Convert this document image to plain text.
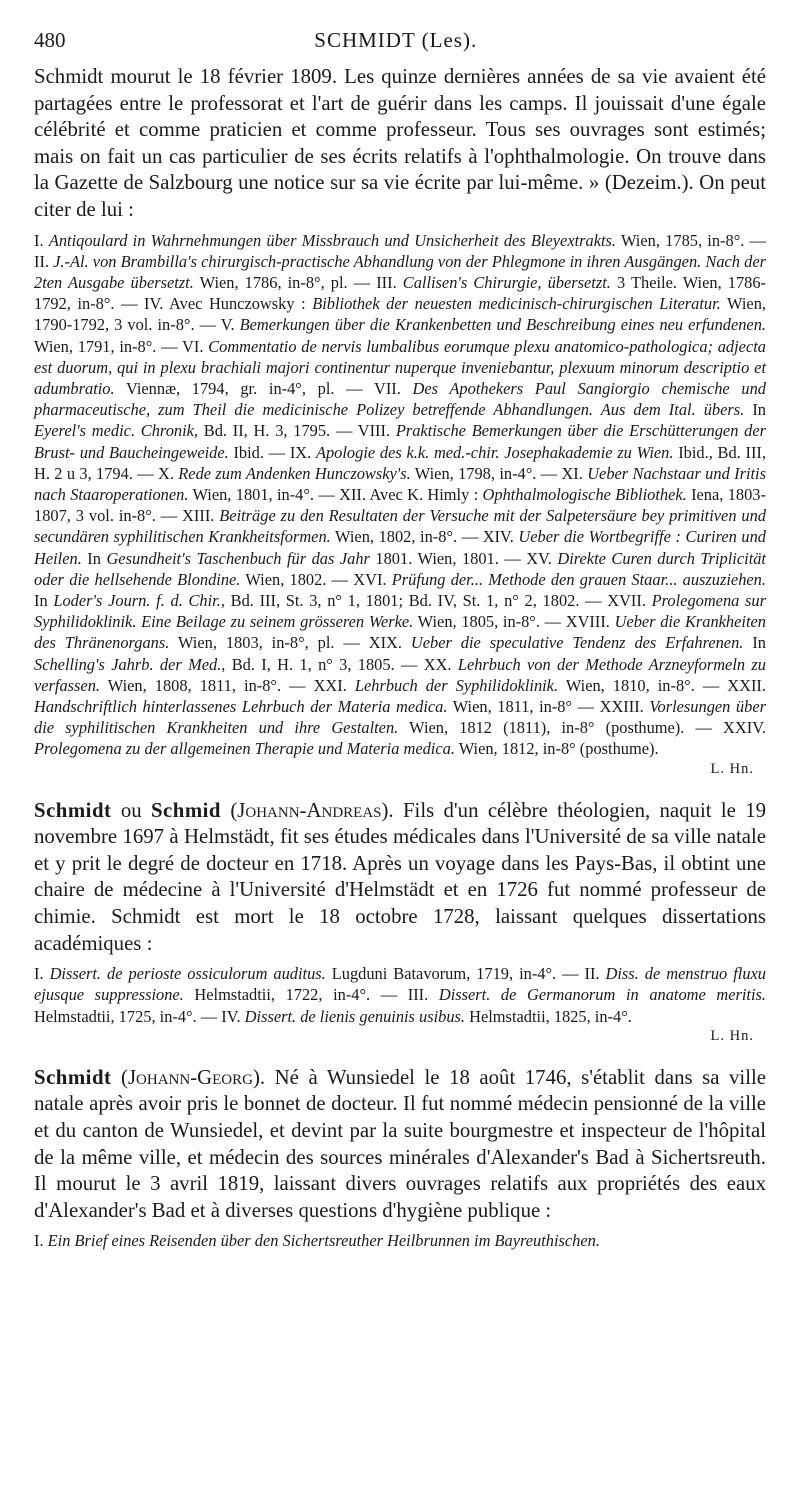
480	SCHMIDT (Les).

Schmidt mourut le 18 février 1809. Les quinze dernières années de sa vie avaient été partagées entre le professorat et l'art de guérir dans les camps. Il jouissait d'une égale célébrité et comme praticien et comme professeur. Tous ses ouvrages sont estimés; mais on fait un cas particulier de ses écrits relatifs à l'ophthalmologie. On trouve dans la Gazette de Salzbourg une notice sur sa vie écrite par lui-même. » (Dezeim.). On peut citer de lui :

I. Antiqoulard in Wahrnehmungen über Missbrauch und Unsicherheit des Bleyextrakts. Wien, 1785, in-8°. — II. J.-Al. von Brambilla's chirurgisch-practische Abhandlung von der Phlegmone in ihren Ausgängen. Nach der 2ten Ausgabe übersetzt. Wien, 1786, in-8°, pl. — III. Callisen's Chirurgie, übersetzt. 3 Theile. Wien, 1786-1792, in-8°. — IV. Avec Hunczowsky : Bibliothek der neuesten medicinisch-chirurgischen Literatur. Wien, 1790-1792, 3 vol. in-8°. — V. Bemerkungen über die Krankenbetten und Beschreibung eines neu erfundenen. Wien, 1791, in-8°. — VI. Commentatio de nervis lumbalibus eorumque plexu anatomico-pathologica; adjecta est duorum, qui in plexu brachiali majori continentur nuperque inveniebantur, plexuum minorum descriptio et adumbratio. Viennæ, 1794, gr. in-4°, pl. — VII. Des Apothekers Paul Sangiorgio chemische und pharmaceutische, zum Theil die medicinische Polizey betreffende Abhandlungen. Aus dem Ital. übers. In Eyerel's medic. Chronik, Bd. II, H. 3, 1795. — VIII. Praktische Bemerkungen über die Erschütterungen der Brust- und Baucheingeweide. Ibid. — IX. Apologie des k.k. med.-chir. Josephakademie zu Wien. Ibid., Bd. III, H. 2 u 3, 1794. — X. Rede zum Andenken Hunczowsky's. Wien, 1798, in-4°. — XI. Ueber Nachstaar und Iritis nach Staaroperationen. Wien, 1801, in-4°. — XII. Avec K. Himly : Ophthalmologische Bibliothek. Iena, 1803-1807, 3 vol. in-8°. — XIII. Beiträge zu den Resultaten der Versuche mit der Salpetersäure bey primitiven und secundären syphilitischen Krankheitsformen. Wien, 1802, in-8°. — XIV. Ueber die Wortbegriffe : Curiren und Heilen. In Gesundheit's Taschenbuch für das Jahr 1801. Wien, 1801. — XV. Direkte Curen durch Triplicität oder die hellsehende Blondine. Wien, 1802. — XVI. Prüfung der... Methode den grauen Staar... auszuziehen. In Loder's Journ. f. d. Chir., Bd. III, St. 3, n° 1, 1801; Bd. IV, St. 1, n° 2, 1802. — XVII. Prolegomena sur Syphilidoklinik. Eine Beilage zu seinem grösseren Werke. Wien, 1805, in-8°. — XVIII. Ueber die Krankheiten des Thränenorgans. Wien, 1803, in-8°, pl. — XIX. Ueber die speculative Tendenz des Erfahrenen. In Schelling's Jahrb. der Med., Bd. I, H. 1, n° 3, 1805. — XX. Lehrbuch von der Methode Arzneyformeln zu verfassen. Wien, 1808, 1811, in-8°. — XXI. Lehrbuch der Syphilidoklinik. Wien, 1810, in-8°. — XXII. Handschriftlich hinterlassenes Lehrbuch der Materia medica. Wien, 1811, in-8° — XXIII. Vorlesungen über die syphilitischen Krankheiten und ihre Gestalten. Wien, 1812 (1811), in-8° (posthume). — XXIV. Prolegomena zu der allgemeinen Therapie und Materia medica. Wien, 1812, in-8° (posthume).

L. Hn.

Schmidt ou Schmid (Johann-Andreas). Fils d'un célèbre théologien, naquit le 19 novembre 1697 à Helmstädt, fit ses études médicales dans l'Université de sa ville natale et y prit le degré de docteur en 1718. Après un voyage dans les Pays-Bas, il obtint une chaire de médecine à l'Université d'Helmstädt et en 1726 fut nommé professeur de chimie. Schmidt est mort le 18 octobre 1728, laissant quelques dissertations académiques :

I. Dissert. de perioste ossiculorum auditus. Lugduni Batavorum, 1719, in-4°. — II. Diss. de menstruo fluxu ejusque suppressione. Helmstadtii, 1722, in-4°. — III. Dissert. de Germanorum in anatome meritis. Helmstadtii, 1725, in-4°. — IV. Dissert. de lienis genuinis usibus. Helmstadtii, 1825, in-4°.

L. Hn.

Schmidt (Johann-Georg). Né à Wunsiedel le 18 août 1746, s'établit dans sa ville natale après avoir pris le bonnet de docteur. Il fut nommé médecin pensionné de la ville et du canton de Wunsiedel, et devint par la suite bourgmestre et inspecteur de l'hôpital de la même ville, et médecin des sources minérales d'Alexander's Bad à Sichertsreuth. Il mourut le 3 avril 1819, laissant divers ouvrages relatifs aux propriétés des eaux d'Alexander's Bad et à diverses questions d'hygiène publique :

I. Ein Brief eines Reisenden über den Sichertsreuther Heilbrunnen im Bayreuthischen.
